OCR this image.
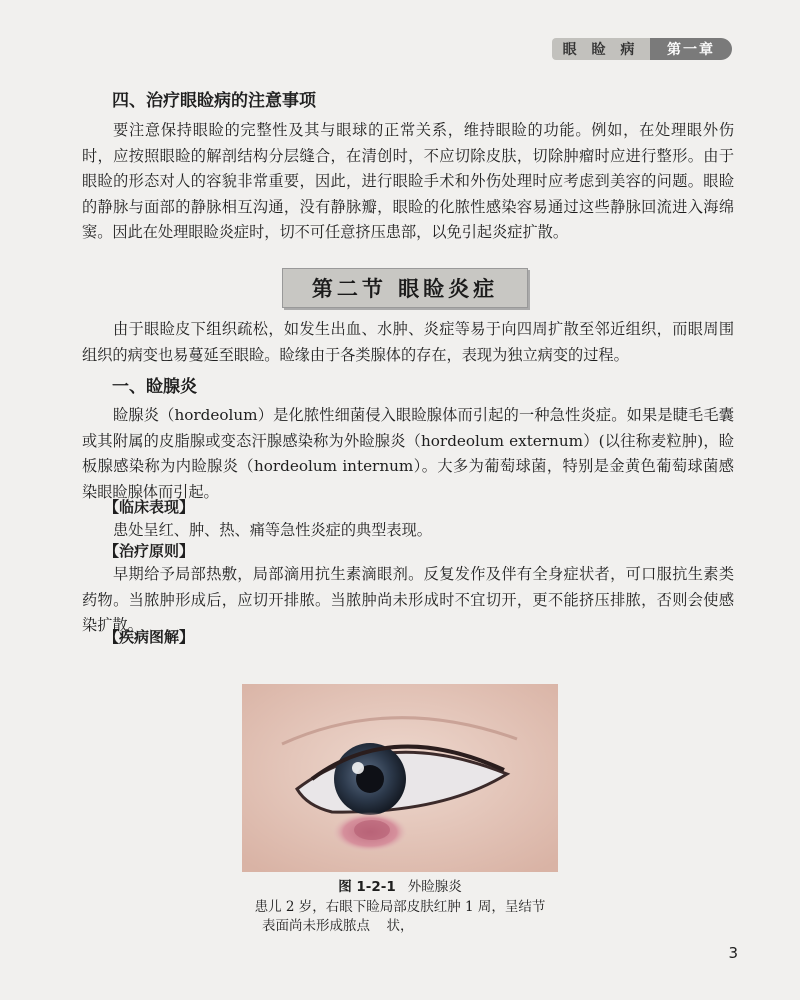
眼 睑 病	第一章
四、治疗眼睑病的注意事项

要注意保持眼睑的完整性及其与眼球的正常关系，维持眼睑的功能。例如，在处理眼外伤时，应按照眼睑的解剖结构分层缝合，在清创时，不应切除皮肤，切除肿瘤时应进行整形。由于眼睑的形态对人的容貌非常重要，因此，进行眼睑手术和外伤处理时应考虑到美容的问题。眼睑的静脉与面部的静脉相互沟通，没有静脉瓣，眼睑的化脓性感染容易通过这些静脉回流进入海绵窦。因此在处理眼睑炎症时，切不可任意挤压患部，以免引起炎症扩散。

第二节 眼睑炎症

由于眼睑皮下组织疏松，如发生出血、水肿、炎症等易于向四周扩散至邻近组织，而眼周围组织的病变也易蔓延至眼睑。睑缘由于各类腺体的存在，表现为独立病变的过程。

一、睑腺炎

睑腺炎（hordeolum）是化脓性细菌侵入眼睑腺体而引起的一种急性炎症。如果是睫毛毛囊或其附属的皮脂腺或变态汗腺感染称为外睑腺炎（hordeolum externum）(以往称麦粒肿)，睑板腺感染称为内睑腺炎（hordeolum internum）。大多为葡萄球菌，特别是金黄色葡萄球菌感染眼睑腺体而引起。

【临床表现】

患处呈红、肿、热、痛等急性炎症的典型表现。

【治疗原则】

早期给予局部热敷，局部滴用抗生素滴眼剂。反复发作及伴有全身症状者，可口服抗生素类药物。当脓肿形成后，应切开排脓。当脓肿尚未形成时不宜切开，更不能挤压排脓，否则会使感染扩散。

【疾病图解】
图 1-2-1 外睑腺炎
患儿 2 岁，右眼下睑局部皮肤红肿 1 周，呈结节状，
表面尚未形成脓点
3
